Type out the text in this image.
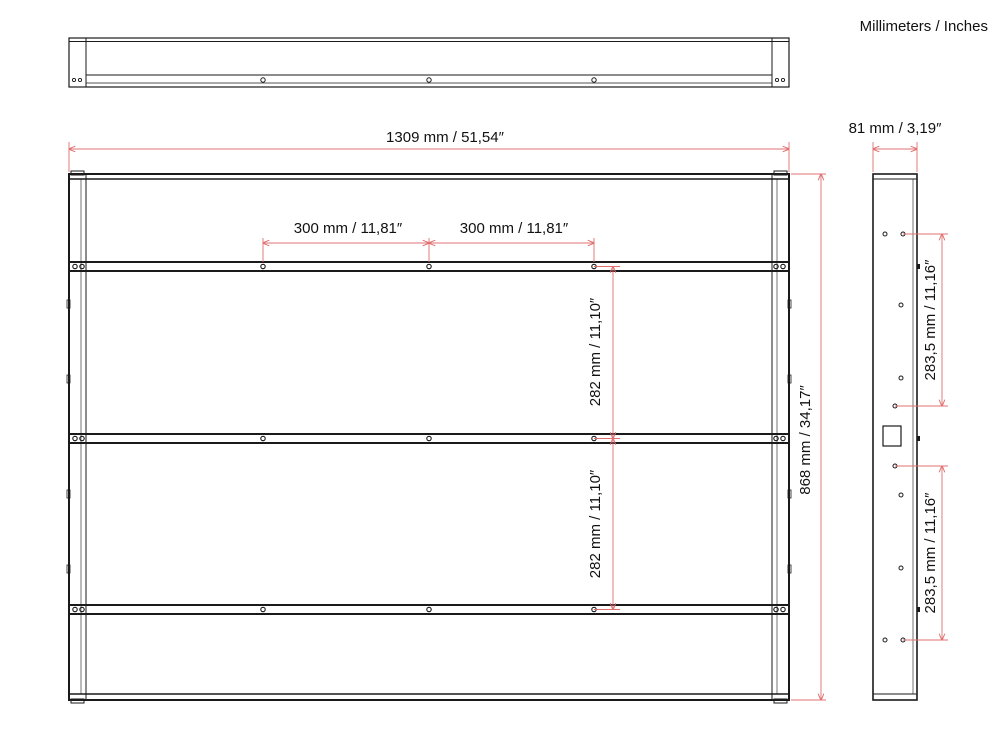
Millimeters / Inches
1309 mm / 51,54″
81 mm / 3,19″
300 mm / 11,81″	300 mm / 11,81″
282 mm / 11,10″
282 mm / 11,10″
868 mm / 34,17″
283,5 mm / 11,16″
283,5 mm / 11,16″
